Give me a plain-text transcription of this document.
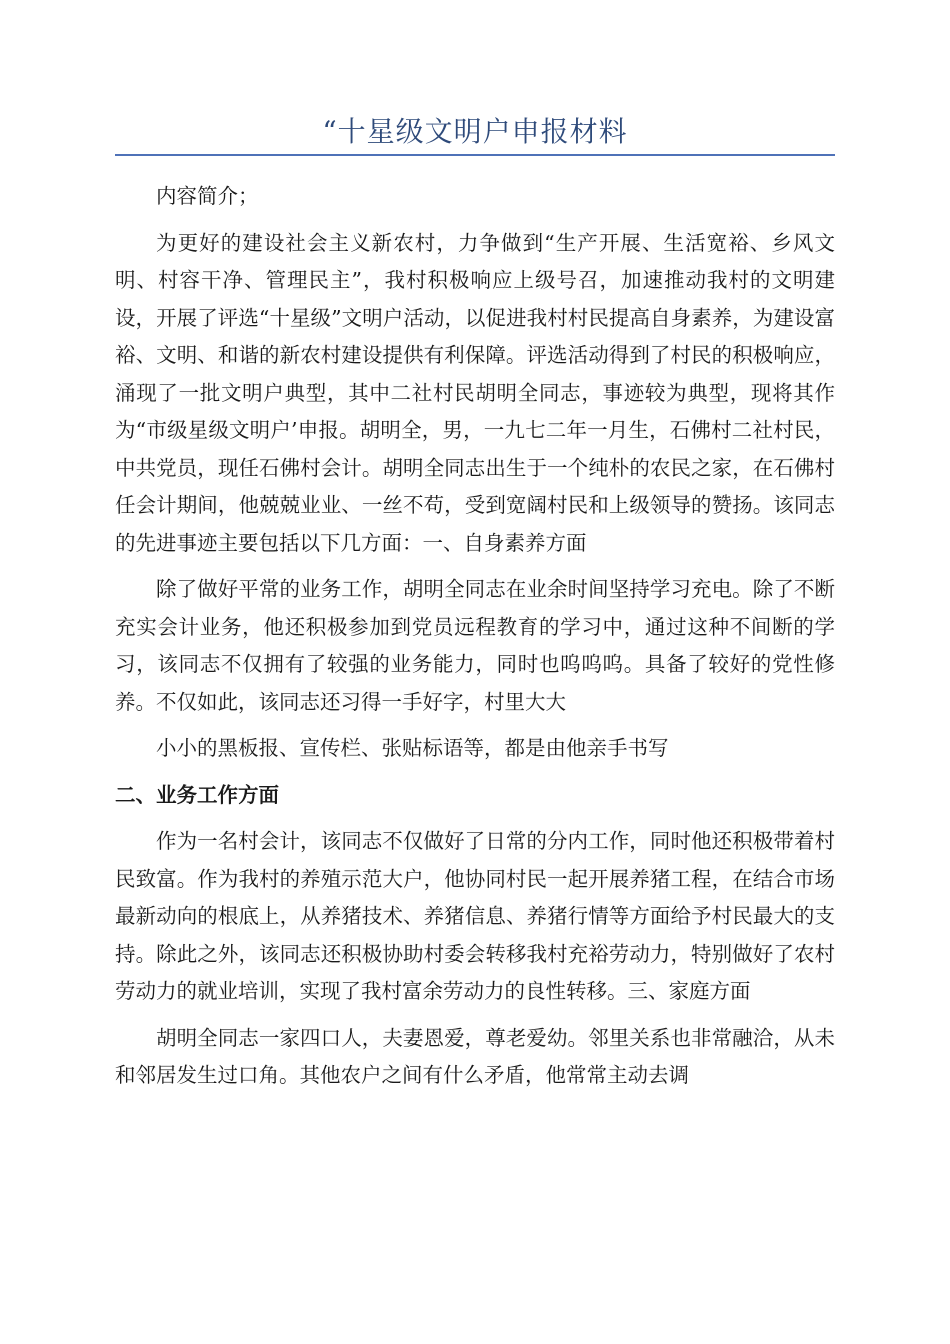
“十星级文明户申报材料

内容简介；

为更好的建设社会主义新农村，力争做到“生产开展、生活宽裕、乡风文明、村容干净、管理民主”，我村积极响应上级号召，加速推动我村的文明建设，开展了评选“十星级”文明户活动，以促进我村村民提高自身素养，为建设富裕、文明、和谐的新农村建设提供有利保障。评选活动得到了村民的积极响应，涌现了一批文明户典型，其中二社村民胡明全同志，事迹较为典型，现将其作为“市级星级文明户’申报。胡明全，男，一九七二年一月生，石佛村二社村民，中共党员，现任石佛村会计。胡明全同志出生于一个纯朴的农民之家，在石佛村任会计期间，他兢兢业业、一丝不苟，受到宽阔村民和上级领导的赞扬。该同志的先进事迹主要包括以下几方面：一、自身素养方面

除了做好平常的业务工作，胡明全同志在业余时间坚持学习充电。除了不断充实会计业务，他还积极参加到党员远程教育的学习中，通过这种不间断的学习，该同志不仅拥有了较强的业务能力，同时也呜呜呜。具备了较好的党性修养。不仅如此，该同志还习得一手好字，村里大大

小小的黑板报、宣传栏、张贴标语等，都是由他亲手书写

二、业务工作方面

作为一名村会计，该同志不仅做好了日常的分内工作，同时他还积极带着村民致富。作为我村的养殖示范大户，他协同村民一起开展养猪工程，在结合市场最新动向的根底上，从养猪技术、养猪信息、养猪行情等方面给予村民最大的支持。除此之外，该同志还积极协助村委会转移我村充裕劳动力，特别做好了农村劳动力的就业培训，实现了我村富余劳动力的良性转移。三、家庭方面

胡明全同志一家四口人，夫妻恩爱，尊老爱幼。邻里关系也非常融洽，从未和邻居发生过口角。其他农户之间有什么矛盾，他常常主动去调
